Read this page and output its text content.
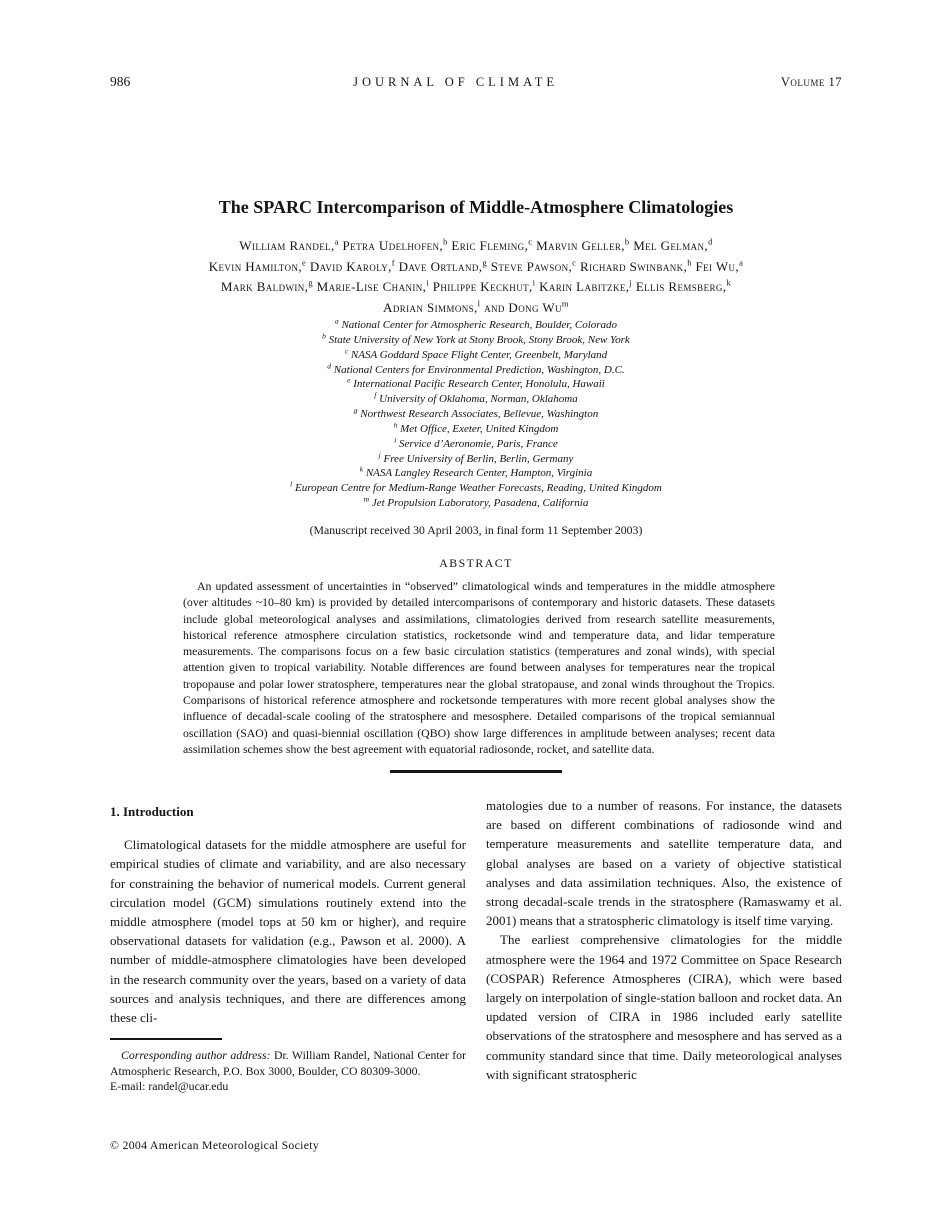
986	JOURNAL OF CLIMATE	Volume 17
The SPARC Intercomparison of Middle-Atmosphere Climatologies
William Randel,$^a$ Petra Udelhofen,$^b$ Eric Fleming,$^c$ Marvin Geller,$^b$ Mel Gelman,$^d$
Kevin Hamilton,$^e$ David Karoly,$^f$ Dave Ortland,$^g$ Steve Pawson,$^c$ Richard Swinbank,$^h$ Fei Wu,$^a$
Mark Baldwin,$^g$ Marie-Lise Chanin,$^i$ Philippe Keckhut,$^i$ Karin Labitzke,$^j$ Ellis Remsberg,$^k$
Adrian Simmons,$^l$ and Dong Wu$^m$
$^a$ National Center for Atmospheric Research, Boulder, Colorado
$^b$ State University of New York at Stony Brook, Stony Brook, New York
$^c$ NASA Goddard Space Flight Center, Greenbelt, Maryland
$^d$ National Centers for Environmental Prediction, Washington, D.C.
$^e$ International Pacific Research Center, Honolulu, Hawaii
$^f$ University of Oklahoma, Norman, Oklahoma
$^g$ Northwest Research Associates, Bellevue, Washington
$^h$ Met Office, Exeter, United Kingdom
$^i$ Service d’Aeronomie, Paris, France
$^j$ Free University of Berlin, Berlin, Germany
$^k$ NASA Langley Research Center, Hampton, Virginia
$^l$ European Centre for Medium-Range Weather Forecasts, Reading, United Kingdom
$^m$ Jet Propulsion Laboratory, Pasadena, California
(Manuscript received 30 April 2003, in final form 11 September 2003)
ABSTRACT

An updated assessment of uncertainties in “observed” climatological winds and temperatures in the middle atmosphere (over altitudes ~10–80 km) is provided by detailed intercomparisons of contemporary and historic datasets. These datasets include global meteorological analyses and assimilations, climatologies derived from research satellite measurements, historical reference atmosphere circulation statistics, rocketsonde wind and temperature data, and lidar temperature measurements. The comparisons focus on a few basic circulation statistics (temperatures and zonal winds), with special attention given to tropical variability. Notable differences are found between analyses for temperatures near the tropical tropopause and polar lower stratosphere, temperatures near the global stratopause, and zonal winds throughout the Tropics. Comparisons of historical reference atmosphere and rocketsonde temperatures with more recent global analyses show the influence of decadal-scale cooling of the stratosphere and mesosphere. Detailed comparisons of the tropical semiannual oscillation (SAO) and quasi-biennial oscillation (QBO) show large differences in amplitude between analyses; recent data assimilation schemes show the best agreement with equatorial radiosonde, rocket, and satellite data.

1. Introduction

Climatological datasets for the middle atmosphere are useful for empirical studies of climate and variability, and are also necessary for constraining the behavior of numerical models. Current general circulation model (GCM) simulations routinely extend into the middle atmosphere (model tops at 50 km or higher), and require observational datasets for validation (e.g., Pawson et al. 2000). A number of middle-atmosphere climatologies have been developed in the research community over the years, based on a variety of data sources and analysis techniques, and there are differences among these cli-

matologies due to a number of reasons. For instance, the datasets are based on different combinations of radiosonde wind and temperature measurements and satellite temperature data, and global analyses are based on a variety of objective statistical analyses and data assimilation techniques. Also, the existence of strong decadal-scale trends in the stratosphere (Ramaswamy et al. 2001) means that a stratospheric climatology is itself time varying.

The earliest comprehensive climatologies for the middle atmosphere were the 1964 and 1972 Committee on Space Research (COSPAR) Reference Atmospheres (CIRA), which were based largely on interpolation of single-station balloon and rocket data. An updated version of CIRA in 1986 included early satellite observations of the stratosphere and mesosphere and has served as a community standard since that time. Daily meteorological analyses with significant stratospheric

Corresponding author address: Dr. William Randel, National Center for Atmospheric Research, P.O. Box 3000, Boulder, CO 80309-3000.

E-mail: randel@ucar.edu

© 2004 American Meteorological Society
